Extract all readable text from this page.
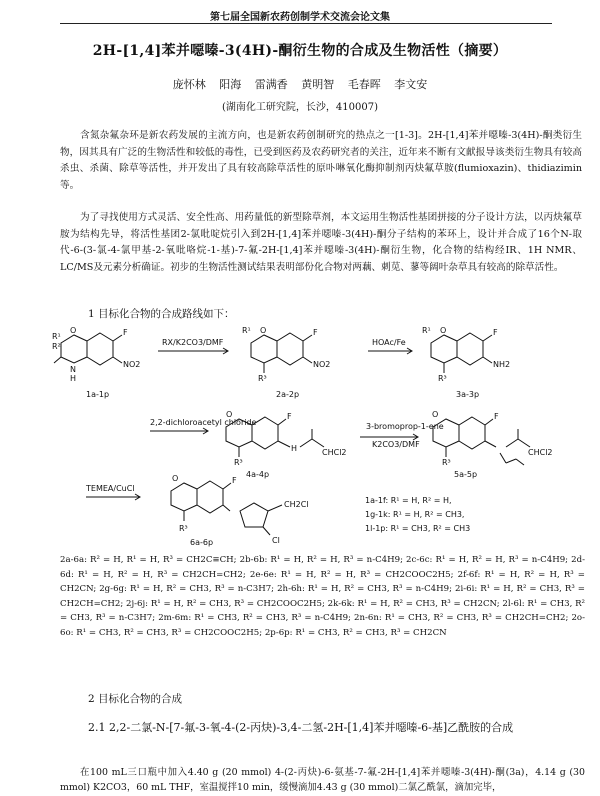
第七届全国新农药创制学术交流会论文集
2H-[1,4]苯并噁嗪-3(4H)-酮衍生物的合成及生物活性（摘要）
庞怀林 阳海 雷满香 黄明智 毛春晖 李文安
(湖南化工研究院，长沙，410007)

含氮杂氟杂环是新农药发展的主流方向，也是新农药创制研究的热点之一[1-3]。2H-[1,4]苯并噁嗪-3(4H)-酮类衍生物，因其具有广泛的生物活性和较低的毒性，已受到医药及农药研究者的关注，近年来不断有文献报导该类衍生物具有较高杀虫、杀菌、除草等活性，并开发出了具有较高除草活性的原卟啉氧化酶抑制剂丙炔氟草胺(flumioxazin)、thidiazimin等。

为了寻找使用方式灵活、安全性高、用药量低的新型除草剂，本文运用生物活性基团拼接的分子设计方法，以丙炔氟草胺为结构先导，将活性基团2-氯吡啶烷引入到2H-[1,4]苯并噁嗪-3(4H)-酮分子结构的苯环上，设计并合成了16个N-取代-6-(3-氯-4-氯甲基-2-氧吡咯烷-1-基)-7-氟-2H-[1,4]苯并噁嗪-3(4H)-酮衍生物，化合物的结构经IR、1H NMR、LC/MS及元素分析确证。初步的生物活性测试结果表明部份化合物对两藕、刺苋、蓼等阔叶杂草具有较高的除草活性。

1 目标化合物的合成路线如下：
R¹
R²
O
N
H
F
NO2
1a-1p
RX/K2CO3/DMF
R¹ O	F
NO2
R³
2a-2p
HOAc/Fe
R¹ O	F
NH2
R³
3a-3p
2,2-dichloroacetyl chloride
O	F
H	CHCl2
R³
4a-4p
3-bromoprop-1-ene
K2CO3/DMF
O	F
CHCl2
R³
5a-5p
TEMEA/CuCl
O	F
CH2Cl
Cl
R³
6a-6p
1a-1f: R¹ = H, R² = H,
1g-1k: R¹ = H, R² = CH3,
1l-1p: R¹ = CH3, R² = CH3

2a-6a: R² = H, R¹ = H, R³ = CH2C≡CH; 2b-6b: R¹ = H, R² = H, R³ = n-C4H9; 2c-6c: R¹ = H, R² = H, R³ = n-C4H9; 2d-6d: R¹ = H, R² = H, R³ = CH2CH=CH2; 2e-6e: R¹ = H, R² = H, R³ = CH2COOC2H5; 2f-6f: R¹ = H, R² = H, R³ = CH2CN; 2g-6g: R¹ = H, R² = CH3, R³ = n-C3H7; 2h-6h: R¹ = H, R² = CH3, R³ = n-C4H9; 2i-6i: R¹ = H, R² = CH3, R³ = CH2CH=CH2; 2j-6j: R¹ = H, R² = CH3, R³ = CH2COOC2H5; 2k-6k: R¹ = H, R² = CH3, R³ = CH2CN; 2l-6l: R¹ = CH3, R² = CH3, R³ = n-C3H7; 2m-6m: R¹ = CH3, R² = CH3, R³ = n-C4H9; 2n-6n: R¹ = CH3, R² = CH3, R³ = CH2CH=CH2; 2o-6o: R¹ = CH3, R² = CH3, R³ = CH2COOC2H5; 2p-6p: R¹ = CH3, R² = CH3, R³ = CH2CN

2 目标化合物的合成

2.1 2,2-二氯-N-[7-氟-3-氧-4-(2-丙炔)-3,4-二氢-2H-[1,4]苯并噁嗪-6-基]乙酰胺的合成

在100 mL三口瓶中加入4.40 g (20 mmol) 4-(2-丙炔)-6-氨基-7-氟-2H-[1,4]苯并噁嗪-3(4H)-酮(3a)，4.14 g (30 mmol) K2CO3，60 mL THF，室温搅拌10 min，缓慢滴加4.43 g (30 mmol)二氯乙酰氯，滴加完毕，
